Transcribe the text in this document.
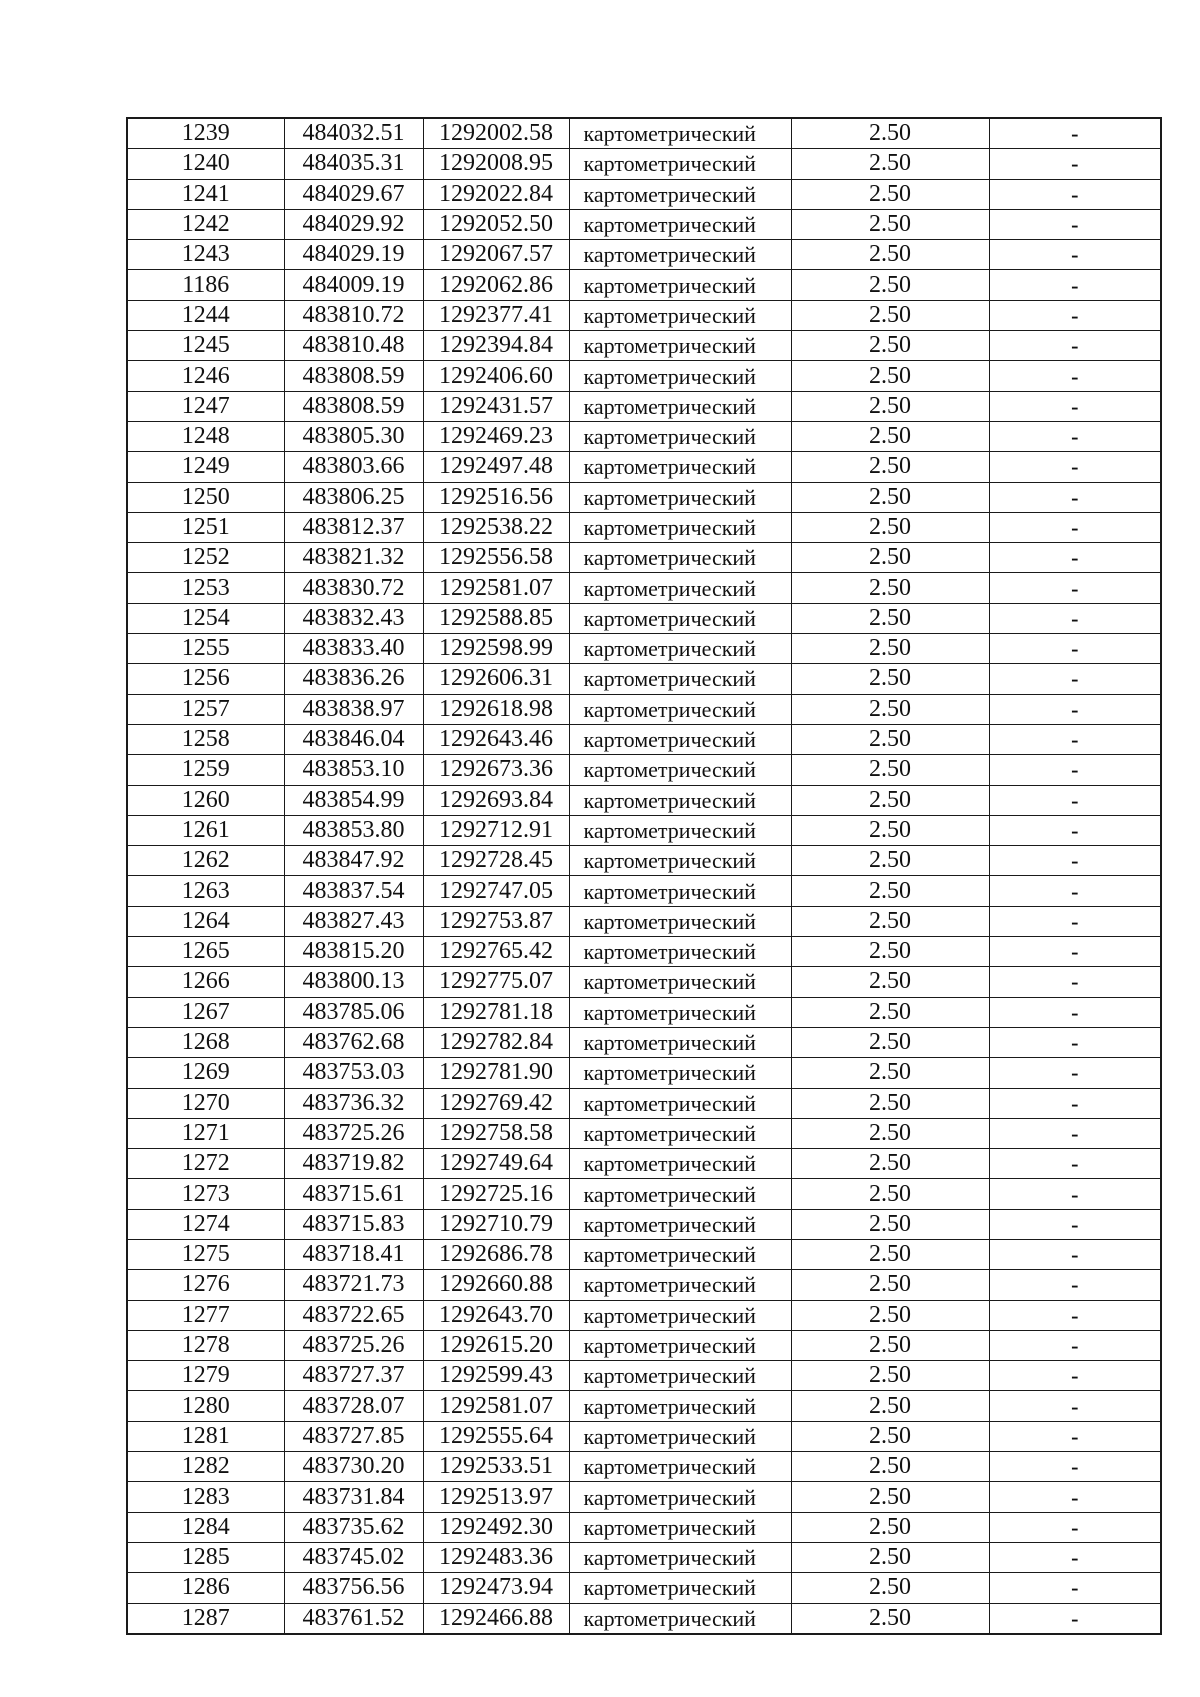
1239	484032.51	1292002.58	картометрический	2.50	-
1240	484035.31	1292008.95	картометрический	2.50	-
1241	484029.67	1292022.84	картометрический	2.50	-
1242	484029.92	1292052.50	картометрический	2.50	-
1243	484029.19	1292067.57	картометрический	2.50	-
1186	484009.19	1292062.86	картометрический	2.50	-
1244	483810.72	1292377.41	картометрический	2.50	-
1245	483810.48	1292394.84	картометрический	2.50	-
1246	483808.59	1292406.60	картометрический	2.50	-
1247	483808.59	1292431.57	картометрический	2.50	-
1248	483805.30	1292469.23	картометрический	2.50	-
1249	483803.66	1292497.48	картометрический	2.50	-
1250	483806.25	1292516.56	картометрический	2.50	-
1251	483812.37	1292538.22	картометрический	2.50	-
1252	483821.32	1292556.58	картометрический	2.50	-
1253	483830.72	1292581.07	картометрический	2.50	-
1254	483832.43	1292588.85	картометрический	2.50	-
1255	483833.40	1292598.99	картометрический	2.50	-
1256	483836.26	1292606.31	картометрический	2.50	-
1257	483838.97	1292618.98	картометрический	2.50	-
1258	483846.04	1292643.46	картометрический	2.50	-
1259	483853.10	1292673.36	картометрический	2.50	-
1260	483854.99	1292693.84	картометрический	2.50	-
1261	483853.80	1292712.91	картометрический	2.50	-
1262	483847.92	1292728.45	картометрический	2.50	-
1263	483837.54	1292747.05	картометрический	2.50	-
1264	483827.43	1292753.87	картометрический	2.50	-
1265	483815.20	1292765.42	картометрический	2.50	-
1266	483800.13	1292775.07	картометрический	2.50	-
1267	483785.06	1292781.18	картометрический	2.50	-
1268	483762.68	1292782.84	картометрический	2.50	-
1269	483753.03	1292781.90	картометрический	2.50	-
1270	483736.32	1292769.42	картометрический	2.50	-
1271	483725.26	1292758.58	картометрический	2.50	-
1272	483719.82	1292749.64	картометрический	2.50	-
1273	483715.61	1292725.16	картометрический	2.50	-
1274	483715.83	1292710.79	картометрический	2.50	-
1275	483718.41	1292686.78	картометрический	2.50	-
1276	483721.73	1292660.88	картометрический	2.50	-
1277	483722.65	1292643.70	картометрический	2.50	-
1278	483725.26	1292615.20	картометрический	2.50	-
1279	483727.37	1292599.43	картометрический	2.50	-
1280	483728.07	1292581.07	картометрический	2.50	-
1281	483727.85	1292555.64	картометрический	2.50	-
1282	483730.20	1292533.51	картометрический	2.50	-
1283	483731.84	1292513.97	картометрический	2.50	-
1284	483735.62	1292492.30	картометрический	2.50	-
1285	483745.02	1292483.36	картометрический	2.50	-
1286	483756.56	1292473.94	картометрический	2.50	-
1287	483761.52	1292466.88	картометрический	2.50	-
